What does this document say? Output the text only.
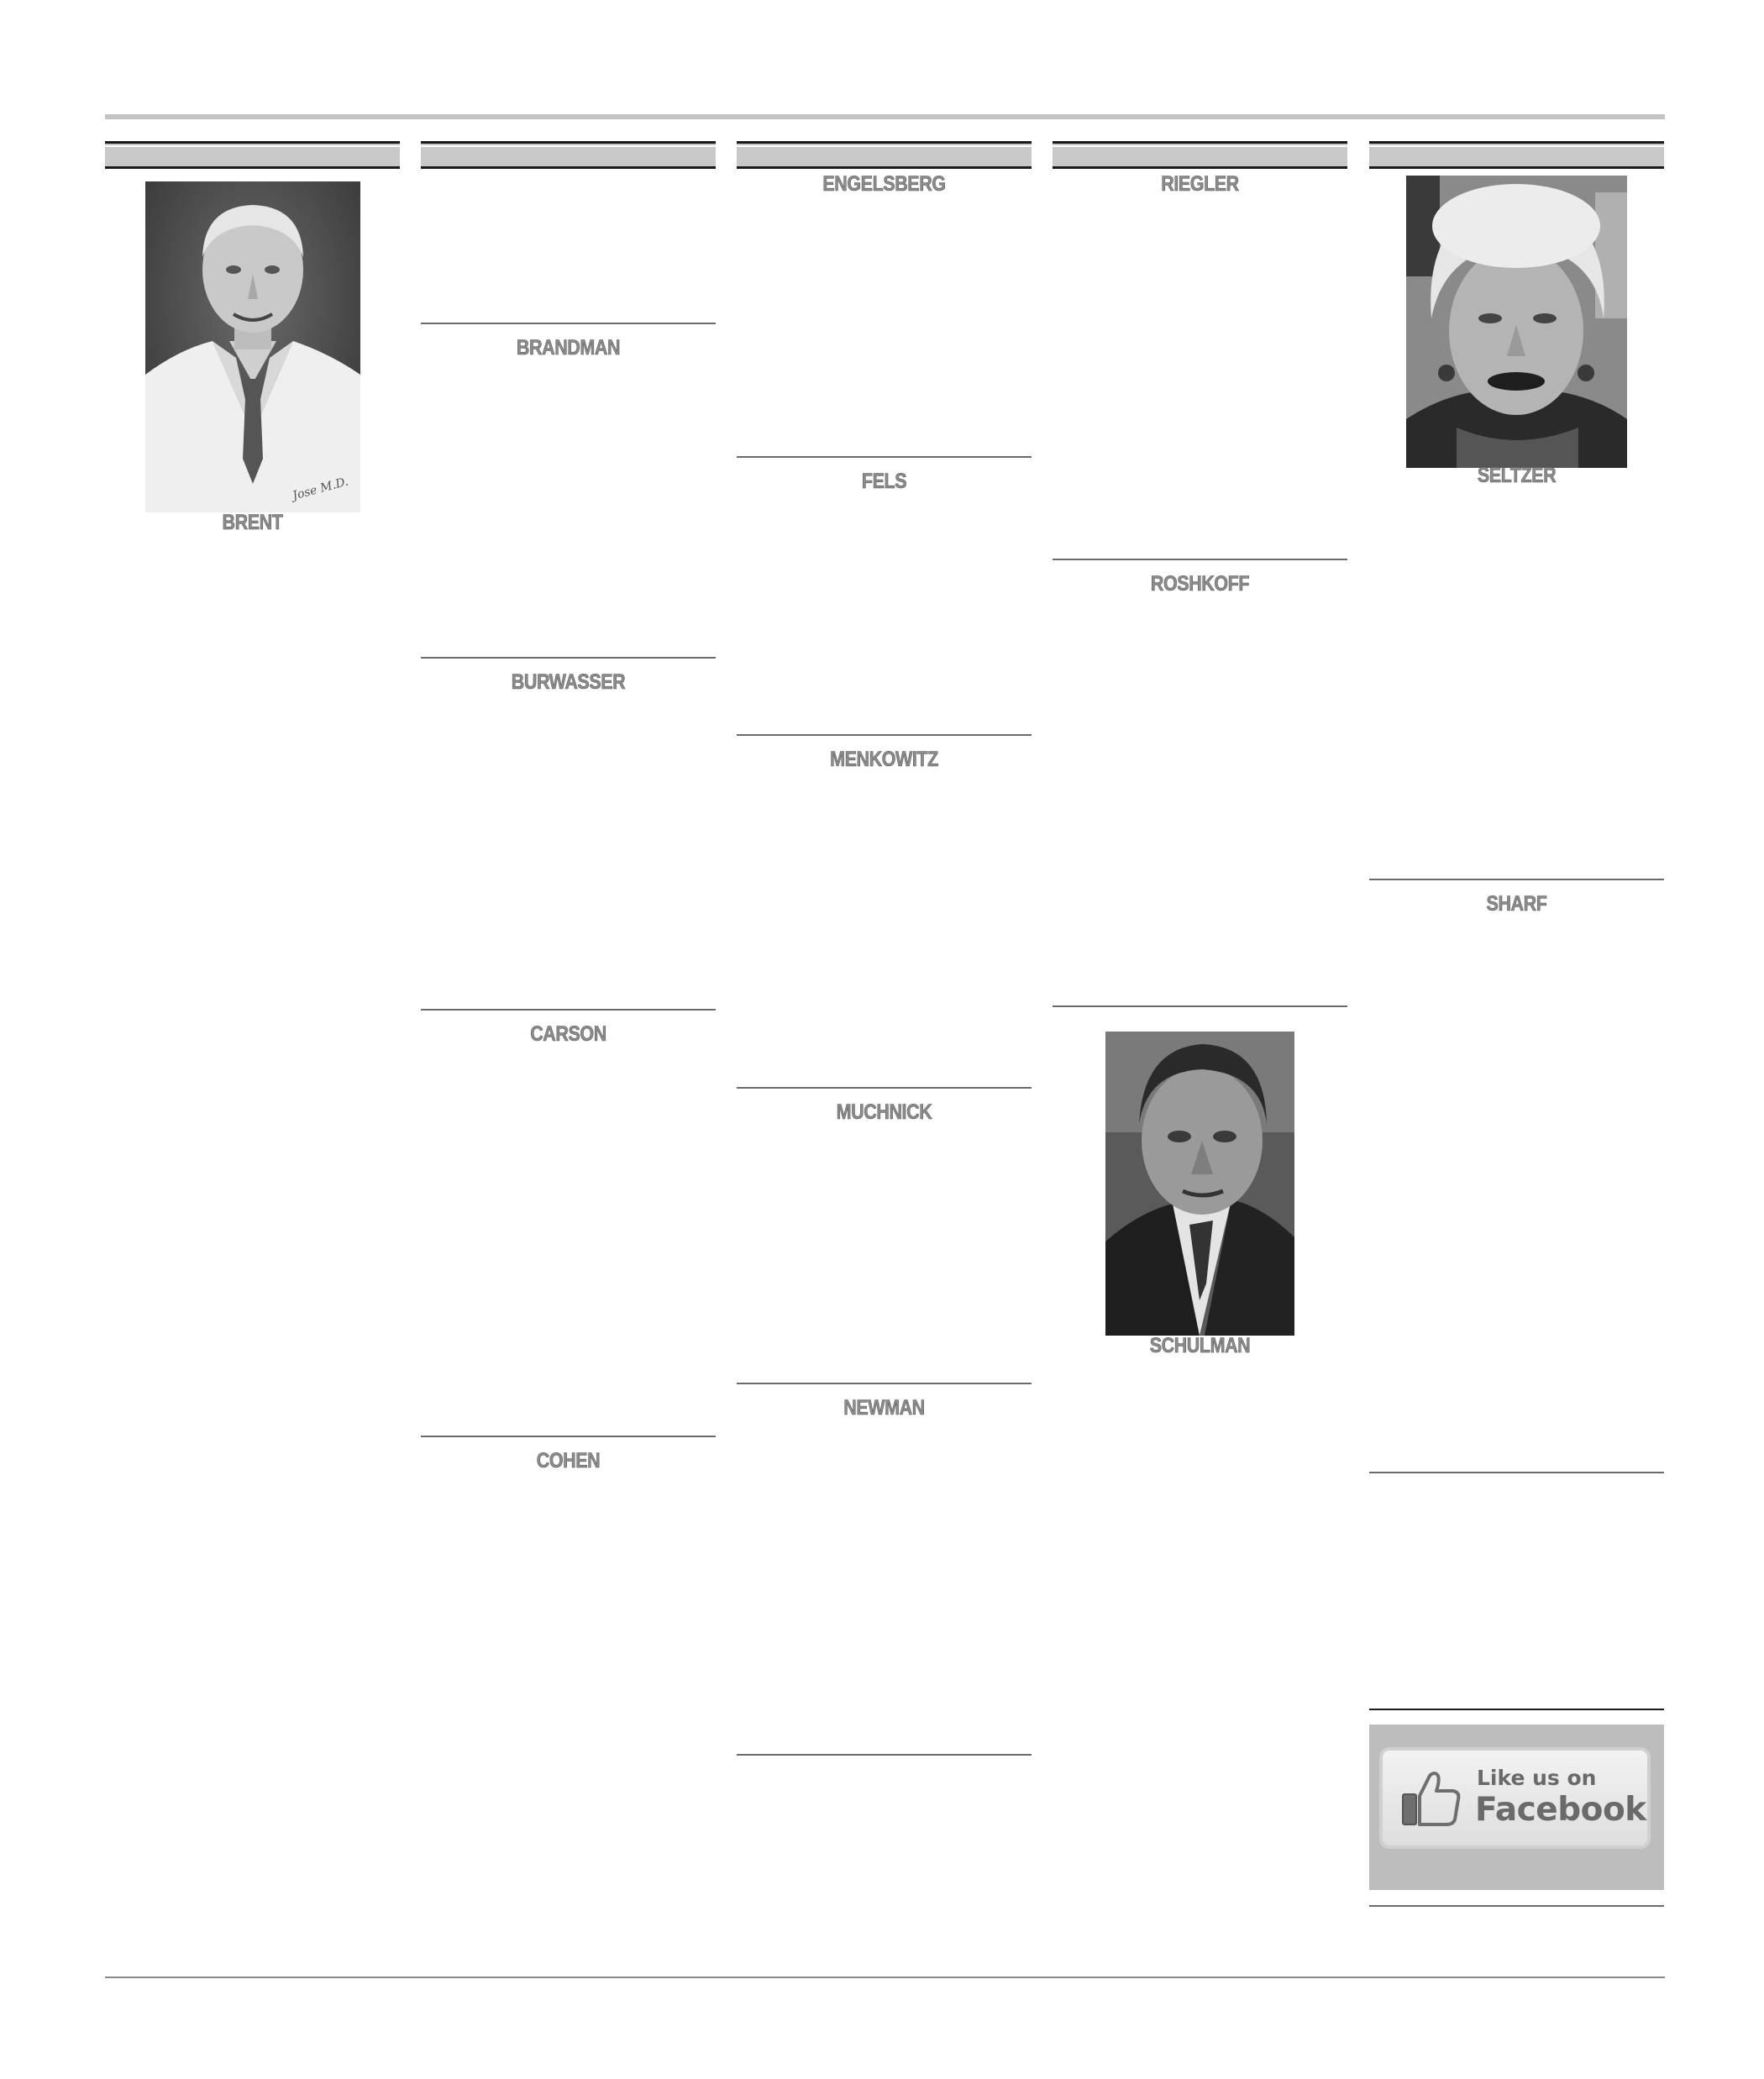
Jose M.D.
BRENT
BRANDMAN
BURWASSER
CARSON
COHEN
ENGELSBERG
FELS
MENKOWITZ
MUCHNICK
NEWMAN
RIEGLER
ROSHKOFF
SCHULMAN
SELTZER
SHARF
Like us on
Facebook
